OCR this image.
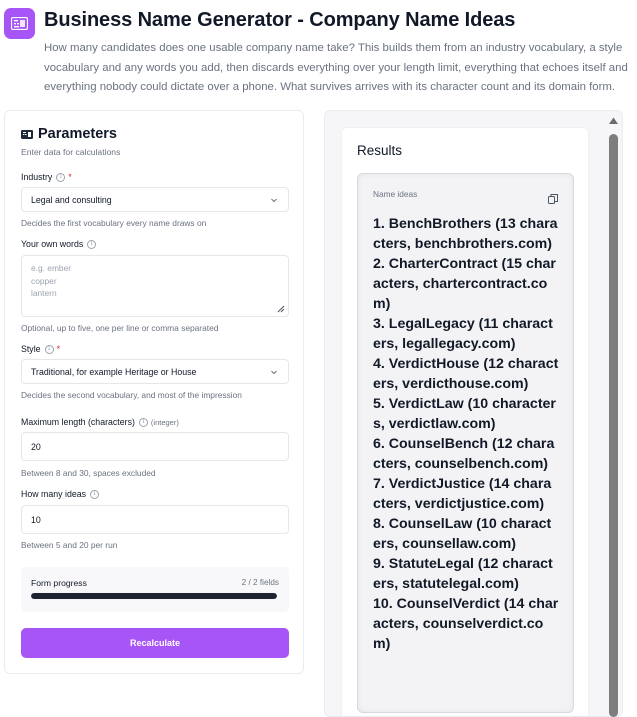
Business Name Generator - Company Name Ideas

How many candidates does one usable company name take? This builds them from an industry vocabulary, a style vocabulary and any words you add, then discards everything over your length limit, everything that echoes itself and everything nobody could dictate over a phone. What survives arrives with its character count and its domain form.

Parameters
Enter data for calculations
Industry	i *
Legal and consulting
Decides the first vocabulary every name draws on
Your own words	i
e.g. ember
copper
lantern
Optional, up to five, one per line or comma separated
Style	i *
Traditional, for example Heritage or House
Decides the second vocabulary, and most of the impression
Maximum length (characters)	i (integer)
20
Between 8 and 30, spaces excluded
How many ideas	i
10
Between 5 and 20 per run
Form progress	2 / 2 fields
Recalculate
Results
Name ideas
1. BenchBrothers (13 characters, benchbrothers.com)
2. CharterContract (15 characters, chartercontract.com)
3. LegalLegacy (11 characters, legallegacy.com)
4. VerdictHouse (12 characters, verdicthouse.com)
5. VerdictLaw (10 characters, verdictlaw.com)
6. CounselBench (12 characters, counselbench.com)
7. VerdictJustice (14 characters, verdictjustice.com)
8. CounselLaw (10 characters, counsellaw.com)
9. StatuteLegal (12 characters, statutelegal.com)
10. CounselVerdict (14 characters, counselverdict.com)
